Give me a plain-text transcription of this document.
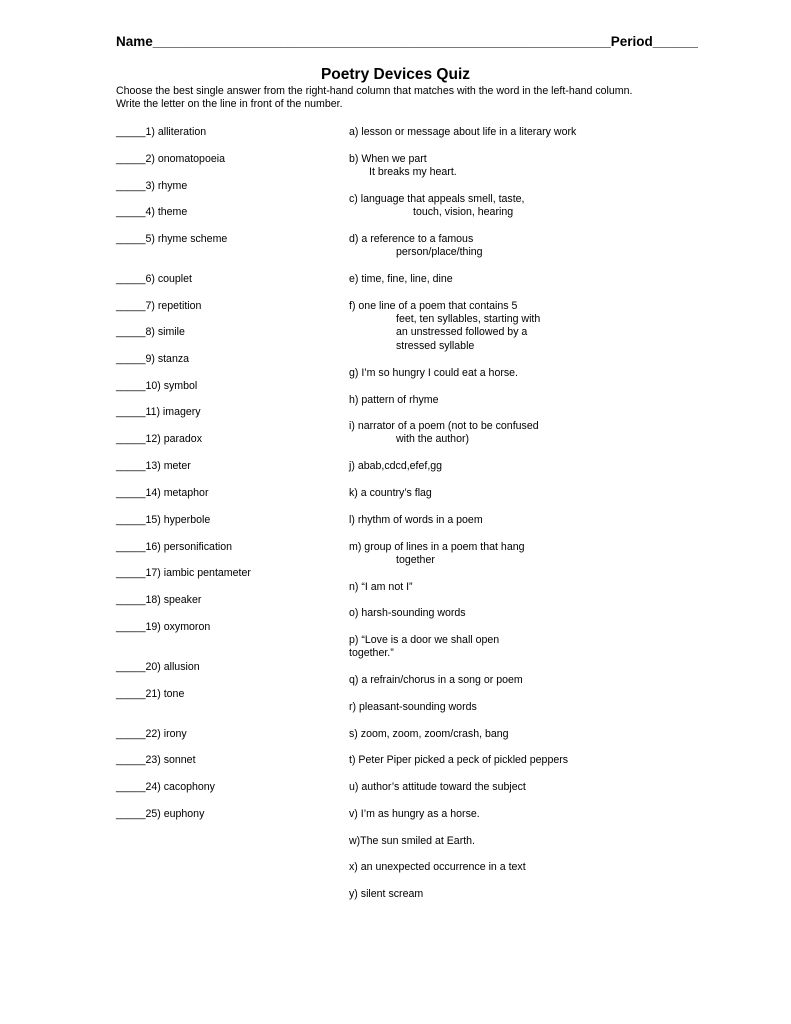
Name_____________________________________________________________Period______
Poetry Devices Quiz
Choose the best single answer from the right-hand column that matches with the word in the left-hand column. Write the letter on the line in front of the number.
_____1) alliteration
_____2) onomatopoeia
_____3) rhyme
_____4) theme
_____5) rhyme scheme
_____6) couplet
_____7) repetition
_____8) simile
_____9) stanza
_____10) symbol
_____11) imagery
_____12) paradox
_____13) meter
_____14) metaphor
_____15) hyperbole
_____16) personification
_____17) iambic pentameter
_____18) speaker
_____19) oxymoron
_____20) allusion
_____21) tone
_____22) irony
_____23) sonnet
_____24) cacophony
_____25) euphony
a) lesson or message about life in a literary work
b) When we part
It breaks my heart.
c) language that appeals smell, taste,
touch, vision, hearing
d) a reference to a famous
person/place/thing
e) time, fine, line, dine
f) one line of a poem that contains 5
feet, ten syllables, starting with
an unstressed followed by a
stressed syllable
g) I’m so hungry I could eat a horse.
h) pattern of rhyme
i) narrator of a poem (not to be confused
with the author)
j) abab,cdcd,efef,gg
k) a country’s flag
l) rhythm of words in a poem
m) group of lines in a poem that hang
together
n) “I am not I”
o) harsh-sounding words
p) “Love is a door we shall open
together.”
q) a refrain/chorus in a song or poem
r) pleasant-sounding words
s) zoom, zoom, zoom/crash, bang
t) Peter Piper picked a peck of pickled peppers
u) author’s attitude toward the subject
v) I’m as hungry as a horse.
w)The sun smiled at Earth.
x) an unexpected occurrence in a text
y) silent scream
